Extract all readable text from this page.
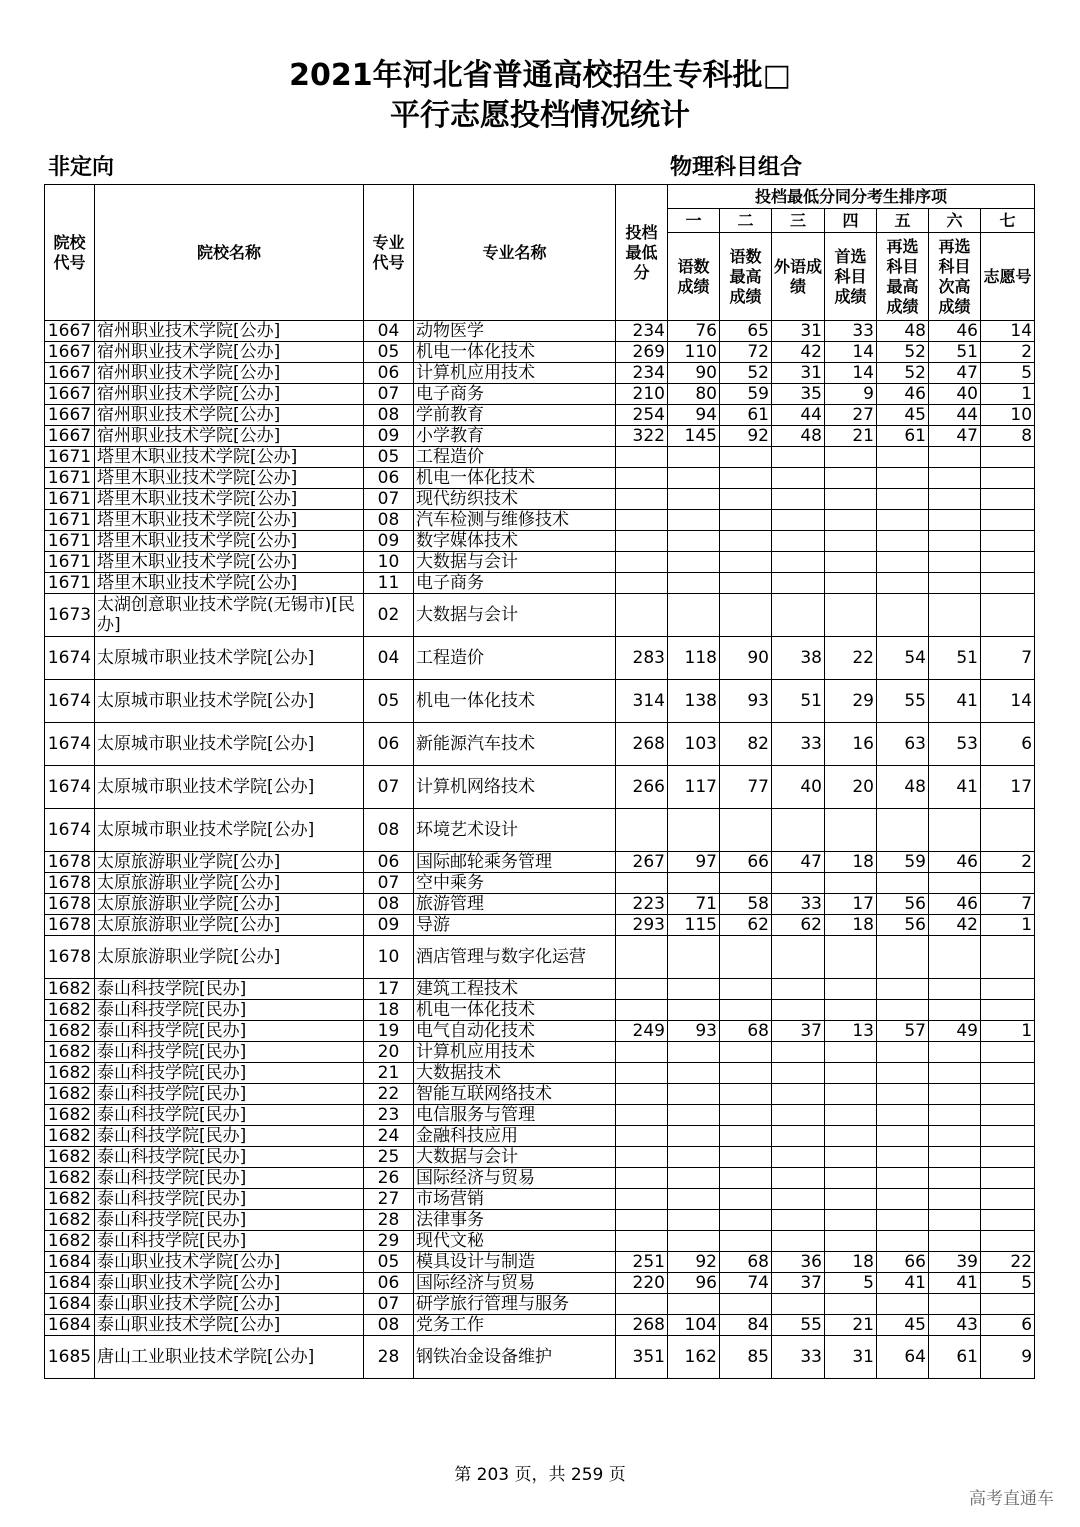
2021年河北省普通高校招生专科批□
平行志愿投档情况统计
非定向	物理科目组合
院校代号	院校名称	专业代号	专业名称	投档最低分	投档最低分同分考生排序项						
					一	二	三	四	五	六	七
					语数成绩	语数最高成绩	外语成绩	首选科目成绩	再选科目最高成绩	再选科目次高成绩	志愿号
1667	宿州职业技术学院[公办]	04	动物医学	234	76	65	31	33	48	46	14
1667	宿州职业技术学院[公办]	05	机电一体化技术	269	110	72	42	14	52	51	2
1667	宿州职业技术学院[公办]	06	计算机应用技术	234	90	52	31	14	52	47	5
1667	宿州职业技术学院[公办]	07	电子商务	210	80	59	35	9	46	40	1
1667	宿州职业技术学院[公办]	08	学前教育	254	94	61	44	27	45	44	10
1667	宿州职业技术学院[公办]	09	小学教育	322	145	92	48	21	61	47	8
1671	塔里木职业技术学院[公办]	05	工程造价								
1671	塔里木职业技术学院[公办]	06	机电一体化技术								
1671	塔里木职业技术学院[公办]	07	现代纺织技术								
1671	塔里木职业技术学院[公办]	08	汽车检测与维修技术								
1671	塔里木职业技术学院[公办]	09	数字媒体技术								
1671	塔里木职业技术学院[公办]	10	大数据与会计								
1671	塔里木职业技术学院[公办]	11	电子商务								
1673	太湖创意职业技术学院(无锡市)[民办]	02	大数据与会计								
1674	太原城市职业技术学院[公办]	04	工程造价	283	118	90	38	22	54	51	7
1674	太原城市职业技术学院[公办]	05	机电一体化技术	314	138	93	51	29	55	41	14
1674	太原城市职业技术学院[公办]	06	新能源汽车技术	268	103	82	33	16	63	53	6
1674	太原城市职业技术学院[公办]	07	计算机网络技术	266	117	77	40	20	48	41	17
1674	太原城市职业技术学院[公办]	08	环境艺术设计								
1678	太原旅游职业学院[公办]	06	国际邮轮乘务管理	267	97	66	47	18	59	46	2
1678	太原旅游职业学院[公办]	07	空中乘务								
1678	太原旅游职业学院[公办]	08	旅游管理	223	71	58	33	17	56	46	7
1678	太原旅游职业学院[公办]	09	导游	293	115	62	62	18	56	42	1
1678	太原旅游职业学院[公办]	10	酒店管理与数字化运营								
1682	泰山科技学院[民办]	17	建筑工程技术								
1682	泰山科技学院[民办]	18	机电一体化技术								
1682	泰山科技学院[民办]	19	电气自动化技术	249	93	68	37	13	57	49	1
1682	泰山科技学院[民办]	20	计算机应用技术								
1682	泰山科技学院[民办]	21	大数据技术								
1682	泰山科技学院[民办]	22	智能互联网络技术								
1682	泰山科技学院[民办]	23	电信服务与管理								
1682	泰山科技学院[民办]	24	金融科技应用								
1682	泰山科技学院[民办]	25	大数据与会计								
1682	泰山科技学院[民办]	26	国际经济与贸易								
1682	泰山科技学院[民办]	27	市场营销								
1682	泰山科技学院[民办]	28	法律事务								
1682	泰山科技学院[民办]	29	现代文秘								
1684	泰山职业技术学院[公办]	05	模具设计与制造	251	92	68	36	18	66	39	22
1684	泰山职业技术学院[公办]	06	国际经济与贸易	220	96	74	37	5	41	41	5
1684	泰山职业技术学院[公办]	07	研学旅行管理与服务								
1684	泰山职业技术学院[公办]	08	党务工作	268	104	84	55	21	45	43	6
1685	唐山工业职业技术学院[公办]	28	钢铁冶金设备维护	351	162	85	33	31	64	61	9
第 203 页，共 259 页
高考直通车
